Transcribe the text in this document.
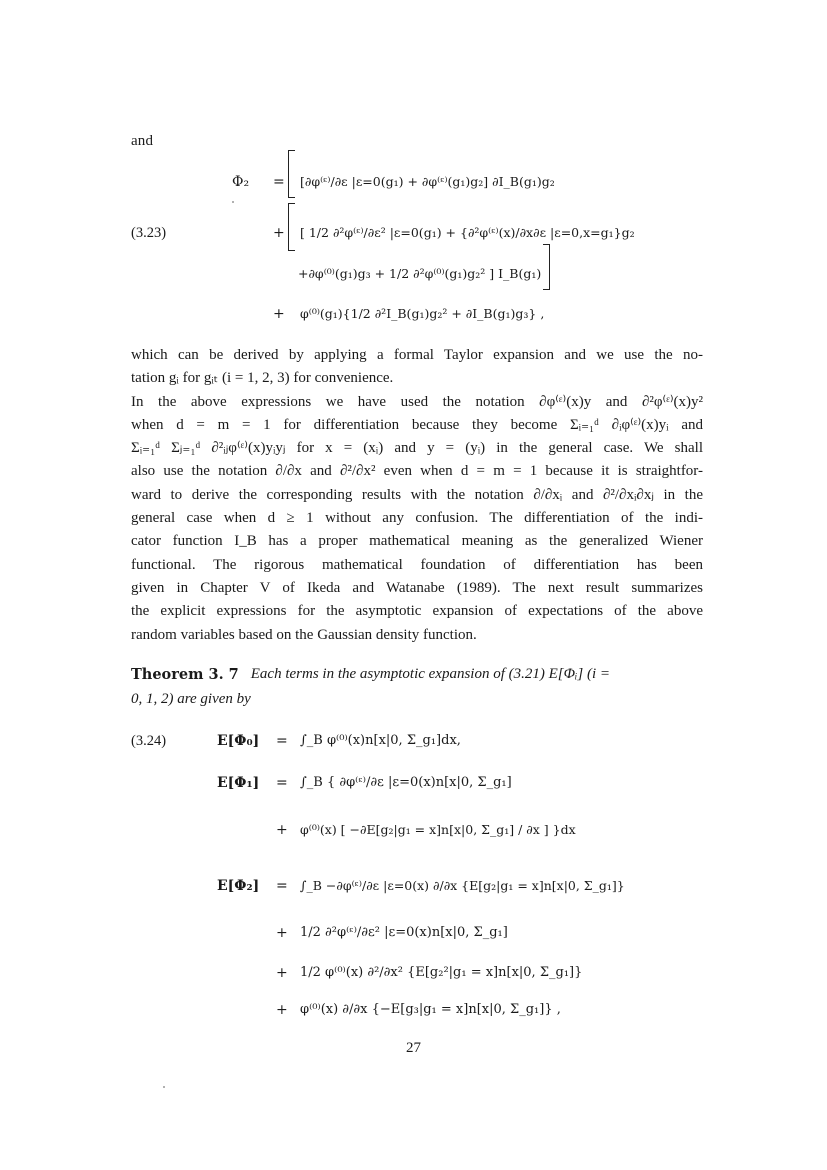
and
(3.23)
Φ₂ = [∂φ⁽ᵋ⁾/∂ε |ε=0(g₁) + ∂φ⁽ᵋ⁾(g₁)g₂] ∂I_B(g₁)g₂
+ [ 1/2 ∂²φ⁽ᵋ⁾/∂ε² |ε=0(g₁) + {∂²φ⁽ᵋ⁾(x)/∂x∂ε |ε=0,x=g₁}g₂
+∂φ⁽⁰⁾(g₁)g₃ + 1/2 ∂²φ⁽⁰⁾(g₁)g₂² ] I_B(g₁)
+ φ⁽⁰⁾(g₁){1/2 ∂²I_B(g₁)g₂² + ∂I_B(g₁)g₃} ,
which can be derived by applying a formal Taylor expansion and we use the no-
tation gᵢ for gᵢₜ (i = 1, 2, 3) for convenience.
In the above expressions we have used the notation ∂φ⁽ᵋ⁾(x)y and ∂²φ⁽ᵋ⁾(x)y²
when d = m = 1 for differentiation because they become Σᵢ₌₁ᵈ ∂ᵢφ⁽ᵋ⁾(x)yᵢ and
Σᵢ₌₁ᵈ Σⱼ₌₁ᵈ ∂²ᵢⱼφ⁽ᵋ⁾(x)yᵢyⱼ for x = (xᵢ) and y = (yᵢ) in the general case. We shall
also use the notation ∂/∂x and ∂²/∂x² even when d = m = 1 because it is straightfor-
ward to derive the corresponding results with the notation ∂/∂xᵢ and ∂²/∂xᵢ∂xⱼ in the
general case when d ≥ 1 without any confusion. The differentiation of the indi-
cator function I_B has a proper mathematical meaning as the generalized Wiener
functional. The rigorous mathematical foundation of differentiation has been
given in Chapter V of Ikeda and Watanabe (1989). The next result summarizes
the explicit expressions for the asymptotic expansion of expectations of the above
random variables based on the Gaussian density function.
Theorem 3. 7 Each terms in the asymptotic expansion of (3.21) E[Φᵢ] (i =
0, 1, 2) are given by
(3.24)	E[Φ₀] = ∫_B φ⁽⁰⁾(x)n[x|0, Σ_g₁]dx,
E[Φ₁] = ∫_B { ∂φ⁽ᵋ⁾/∂ε |ε=0(x)n[x|0, Σ_g₁]
+ φ⁽⁰⁾(x) [ −∂E[g₂|g₁ = x]n[x|0, Σ_g₁] / ∂x ] }dx
E[Φ₂] = ∫_B −∂φ⁽ᵋ⁾/∂ε |ε=0(x) ∂/∂x {E[g₂|g₁ = x]n[x|0, Σ_g₁]}
+ 1/2 ∂²φ⁽ᵋ⁾/∂ε² |ε=0(x)n[x|0, Σ_g₁]
+ 1/2 φ⁽⁰⁾(x) ∂²/∂x² {E[g₂²|g₁ = x]n[x|0, Σ_g₁]}
+ φ⁽⁰⁾(x) ∂/∂x {−E[g₃|g₁ = x]n[x|0, Σ_g₁]} ,
27
